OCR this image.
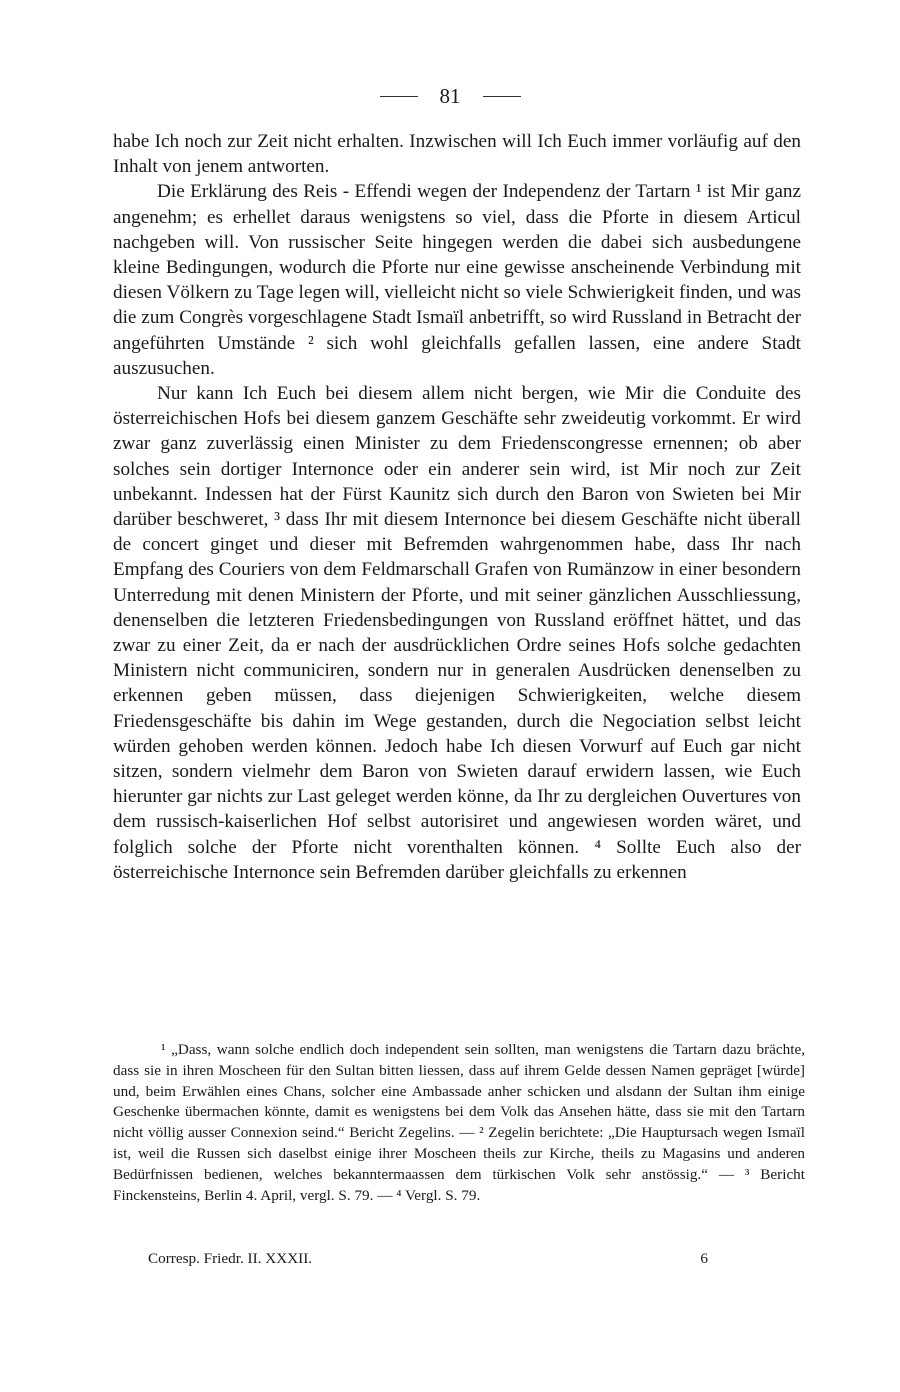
81

habe Ich noch zur Zeit nicht erhalten. Inzwischen will Ich Euch immer vorläufig auf den Inhalt von jenem antworten.

Die Erklärung des Reis - Effendi wegen der Independenz der Tartarn ¹ ist Mir ganz angenehm; es erhellet daraus wenigstens so viel, dass die Pforte in diesem Articul nachgeben will. Von russischer Seite hingegen werden die dabei sich ausbedungene kleine Bedingungen, wodurch die Pforte nur eine gewisse anscheinende Verbindung mit diesen Völkern zu Tage legen will, vielleicht nicht so viele Schwierigkeit finden, und was die zum Congrès vorgeschlagene Stadt Ismaïl anbetrifft, so wird Russland in Betracht der angeführten Umstände ² sich wohl gleichfalls gefallen lassen, eine andere Stadt auszusuchen.

Nur kann Ich Euch bei diesem allem nicht bergen, wie Mir die Conduite des österreichischen Hofs bei diesem ganzem Geschäfte sehr zweideutig vorkommt. Er wird zwar ganz zuverlässig einen Minister zu dem Friedenscongresse ernennen; ob aber solches sein dortiger Internonce oder ein anderer sein wird, ist Mir noch zur Zeit unbekannt. Indessen hat der Fürst Kaunitz sich durch den Baron von Swieten bei Mir darüber beschweret, ³ dass Ihr mit diesem Internonce bei diesem Geschäfte nicht überall de concert ginget und dieser mit Befremden wahrgenommen habe, dass Ihr nach Empfang des Couriers von dem Feldmarschall Grafen von Rumänzow in einer besondern Unterredung mit denen Ministern der Pforte, und mit seiner gänzlichen Ausschliessung, denenselben die letzteren Friedensbedingungen von Russland eröffnet hättet, und das zwar zu einer Zeit, da er nach der ausdrücklichen Ordre seines Hofs solche gedachten Ministern nicht communiciren, sondern nur in generalen Ausdrücken denenselben zu erkennen geben müssen, dass diejenigen Schwierigkeiten, welche diesem Friedensgeschäfte bis dahin im Wege gestanden, durch die Negociation selbst leicht würden gehoben werden können. Jedoch habe Ich diesen Vorwurf auf Euch gar nicht sitzen, sondern vielmehr dem Baron von Swieten darauf erwidern lassen, wie Euch hierunter gar nichts zur Last geleget werden könne, da Ihr zu dergleichen Ouvertures von dem russisch-kaiserlichen Hof selbst autorisiret und angewiesen worden wäret, und folglich solche der Pforte nicht vorenthalten können. ⁴ Sollte Euch also der österreichische Internonce sein Befremden darüber gleichfalls zu erkennen

¹ „Dass, wann solche endlich doch independent sein sollten, man wenigstens die Tartarn dazu brächte, dass sie in ihren Moscheen für den Sultan bitten liessen, dass auf ihrem Gelde dessen Namen gepräget [würde] und, beim Erwählen eines Chans, solcher eine Ambassade anher schicken und alsdann der Sultan ihm einige Geschenke übermachen könnte, damit es wenigstens bei dem Volk das Ansehen hätte, dass sie mit den Tartarn nicht völlig ausser Connexion seind.“ Bericht Zegelins. — ² Zegelin berichtete: „Die Hauptursach wegen Ismaïl ist, weil die Russen sich daselbst einige ihrer Moscheen theils zur Kirche, theils zu Magasins und anderen Bedürfnissen bedienen, welches bekanntermaassen dem türkischen Volk sehr anstössig.“ — ³ Bericht Finckensteins, Berlin 4. April, vergl. S. 79. — ⁴ Vergl. S. 79.

Corresp. Friedr. II. XXXII.	6
